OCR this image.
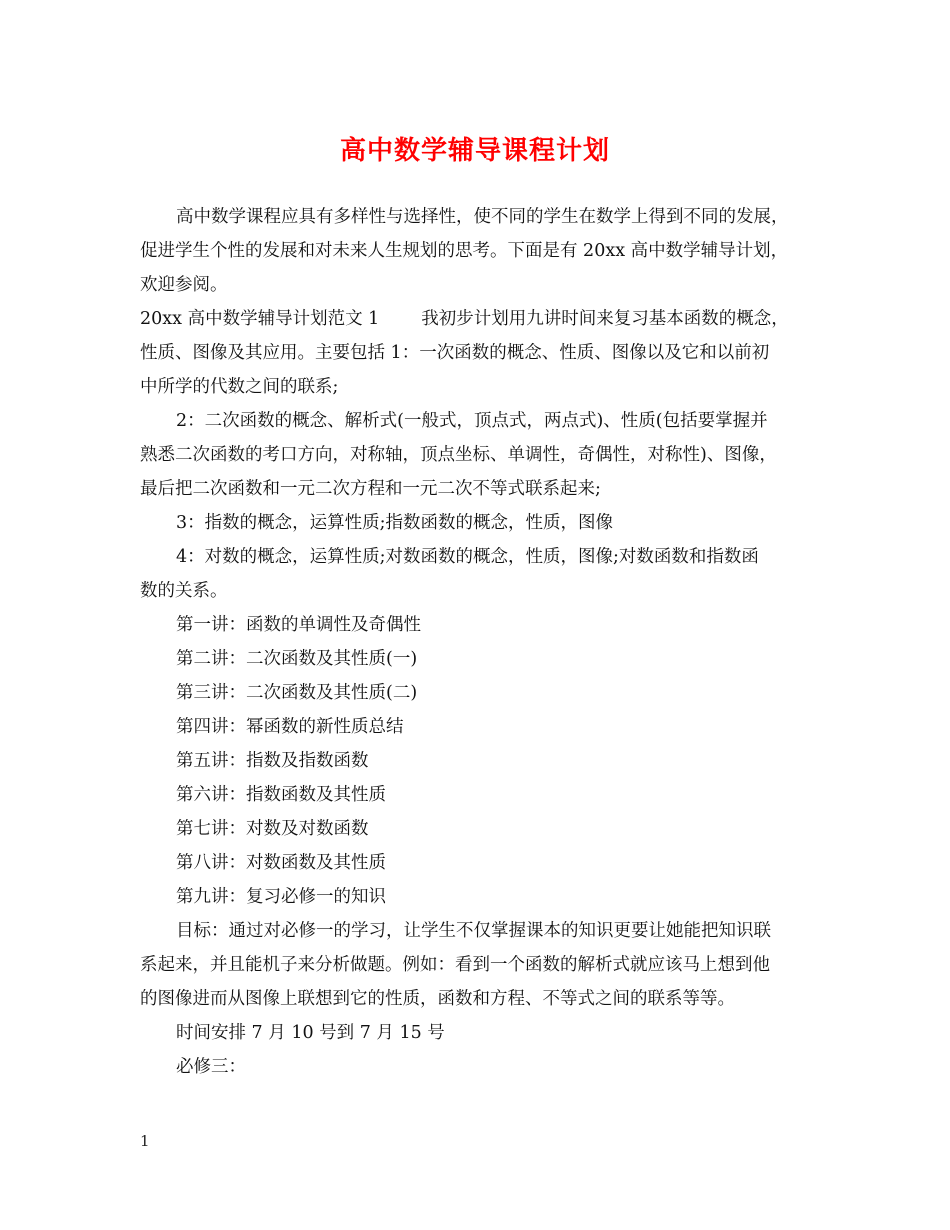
高中数学辅导课程计划
高中数学课程应具有多样性与选择性，使不同的学生在数学上得到不同的发展，
促进学生个性的发展和对未来人生规划的思考。下面是有 20xx 高中数学辅导计划，
欢迎参阅。
20xx 高中数学辅导计划范文 1 我初步计划用九讲时间来复习基本函数的概念，
性质、图像及其应用。主要包括 1：一次函数的概念、性质、图像以及它和以前初
中所学的代数之间的联系;
2：二次函数的概念、解析式(一般式，顶点式，两点式)、性质(包括要掌握并
熟悉二次函数的考口方向，对称轴，顶点坐标、单调性，奇偶性，对称性)、图像，
最后把二次函数和一元二次方程和一元二次不等式联系起来;
3：指数的概念，运算性质;指数函数的概念，性质，图像
4：对数的概念，运算性质;对数函数的概念，性质，图像;对数函数和指数函
数的关系。
第一讲：函数的单调性及奇偶性
第二讲：二次函数及其性质(一)
第三讲：二次函数及其性质(二)
第四讲：幂函数的新性质总结
第五讲：指数及指数函数
第六讲：指数函数及其性质
第七讲：对数及对数函数
第八讲：对数函数及其性质
第九讲：复习必修一的知识
目标：通过对必修一的学习，让学生不仅掌握课本的知识更要让她能把知识联
系起来，并且能机子来分析做题。例如：看到一个函数的解析式就应该马上想到他
的图像进而从图像上联想到它的性质，函数和方程、不等式之间的联系等等。
时间安排 7 月 10 号到 7 月 15 号
必修三：
1
